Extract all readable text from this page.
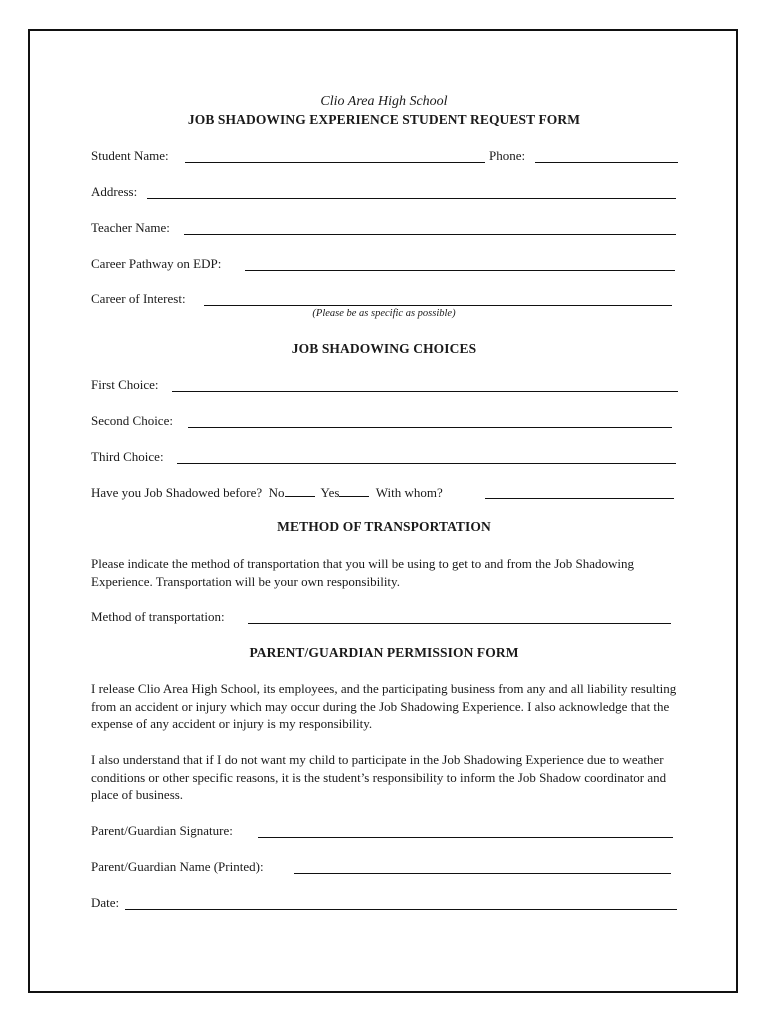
Clio Area High School
JOB SHADOWING EXPERIENCE STUDENT REQUEST FORM
Student Name:	Phone:
Address:
Teacher Name:
Career Pathway on EDP:
Career of Interest:
(Please be as specific as possible)
JOB SHADOWING CHOICES
First Choice:
Second Choice:
Third Choice:
Have you Job Shadowed before? No	Yes	With whom?
METHOD OF TRANSPORTATION
Please indicate the method of transportation that you will be using to get to and from the Job Shadowing Experience. Transportation will be your own responsibility.
Method of transportation:
PARENT/GUARDIAN PERMISSION FORM
I release Clio Area High School, its employees, and the participating business from any and all liability resulting from an accident or injury which may occur during the Job Shadowing Experience. I also acknowledge that the expense of any accident or injury is my responsibility.
I also understand that if I do not want my child to participate in the Job Shadowing Experience due to weather conditions or other specific reasons, it is the student’s responsibility to inform the Job Shadow coordinator and place of business.
Parent/Guardian Signature:
Parent/Guardian Name (Printed):
Date:
